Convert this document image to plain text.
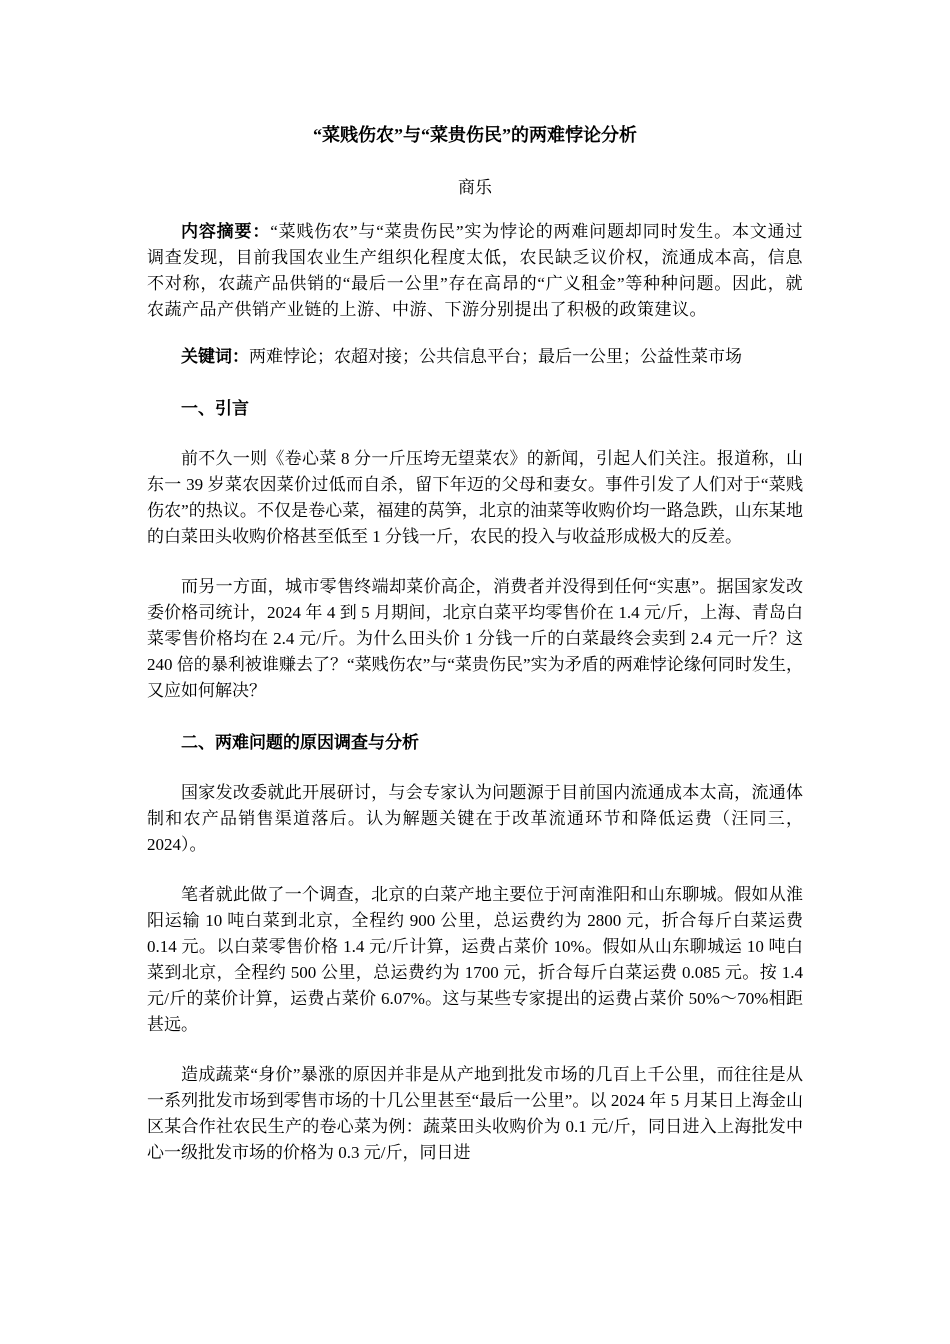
“菜贱伤农”与“菜贵伤民”的两难悖论分析
商乐

内容摘要：“菜贱伤农”与“菜贵伤民”实为悖论的两难问题却同时发生。本文通过调查发现，目前我国农业生产组织化程度太低，农民缺乏议价权，流通成本高，信息不对称，农蔬产品供销的“最后一公里”存在高昂的“广义租金”等种种问题。因此，就农蔬产品产供销产业链的上游、中游、下游分别提出了积极的政策建议。

关键词：两难悖论；农超对接；公共信息平台；最后一公里；公益性菜市场

一、引言

前不久一则《卷心菜 8 分一斤压垮无望菜农》的新闻，引起人们关注。报道称，山东一 39 岁菜农因菜价过低而自杀，留下年迈的父母和妻女。事件引发了人们对于“菜贱伤农”的热议。不仅是卷心菜，福建的莴笋，北京的油菜等收购价均一路急跌，山东某地的白菜田头收购价格甚至低至 1 分钱一斤，农民的投入与收益形成极大的反差。

而另一方面，城市零售终端却菜价高企，消费者并没得到任何“实惠”。据国家发改委价格司统计，2024 年 4 到 5 月期间，北京白菜平均零售价在 1.4 元/斤，上海、青岛白菜零售价格均在 2.4 元/斤。为什么田头价 1 分钱一斤的白菜最终会卖到 2.4 元一斤？这 240 倍的暴利被谁赚去了？“菜贱伤农”与“菜贵伤民”实为矛盾的两难悖论缘何同时发生，又应如何解决？

二、两难问题的原因调查与分析

国家发改委就此开展研讨，与会专家认为问题源于目前国内流通成本太高，流通体制和农产品销售渠道落后。认为解题关键在于改革流通环节和降低运费（汪同三，2024）。

笔者就此做了一个调查，北京的白菜产地主要位于河南淮阳和山东聊城。假如从淮阳运输 10 吨白菜到北京，全程约 900 公里，总运费约为 2800 元，折合每斤白菜运费 0.14 元。以白菜零售价格 1.4 元/斤计算，运费占菜价 10%。假如从山东聊城运 10 吨白菜到北京，全程约 500 公里，总运费约为 1700 元，折合每斤白菜运费 0.085 元。按 1.4 元/斤的菜价计算，运费占菜价 6.07%。这与某些专家提出的运费占菜价 50%～70%相距甚远。

造成蔬菜“身价”暴涨的原因并非是从产地到批发市场的几百上千公里，而往往是从一系列批发市场到零售市场的十几公里甚至“最后一公里”。以 2024 年 5 月某日上海金山区某合作社农民生产的卷心菜为例：蔬菜田头收购价为 0.1 元/斤，同日进入上海批发中心一级批发市场的价格为 0.3 元/斤，同日进
